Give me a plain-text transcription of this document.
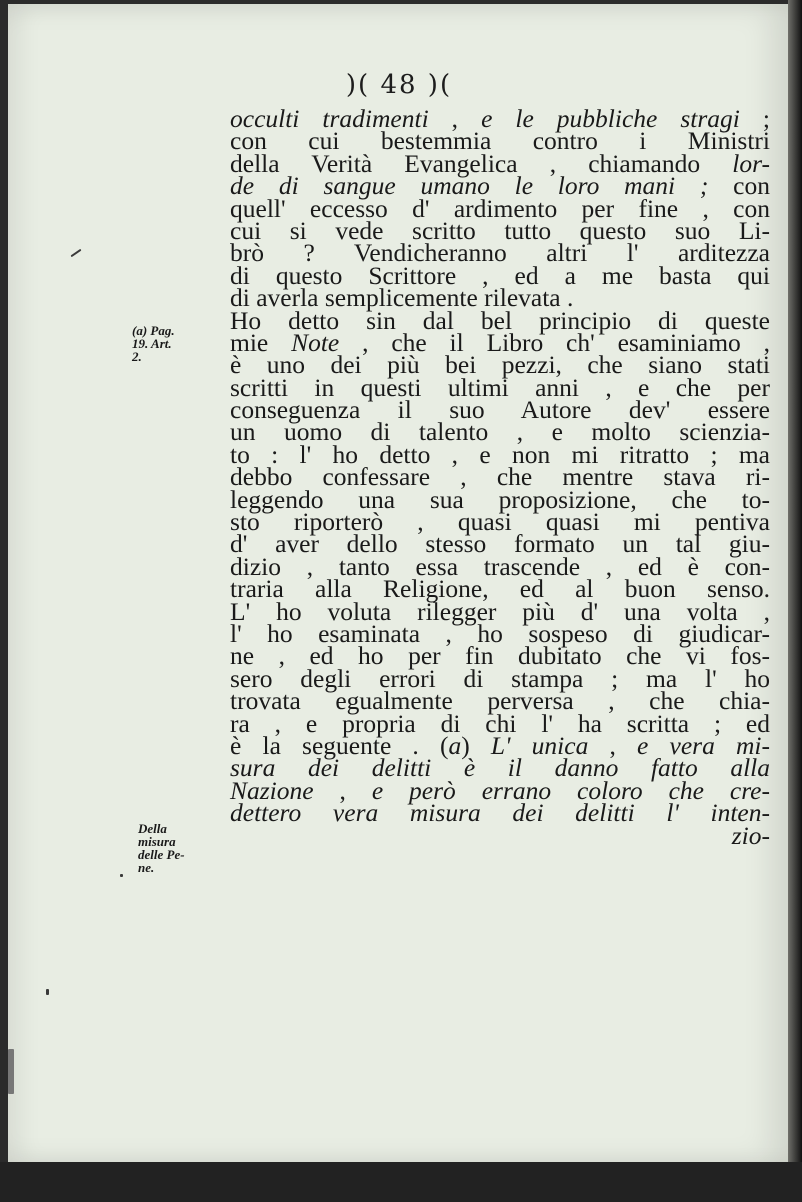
)( 48 )(
occulti tradimenti , e le pubbliche stragi ;
con cui bestemmia contro i Ministri
della Verità Evangelica , chiamando lor-
de di sangue umano le loro mani ; con
quell' eccesso d' ardimento per fine , con
cui si vede scritto tutto questo suo Li-
brò ? Vendicheranno altri l' arditezza
di questo Scrittore , ed a me basta qui
di averla semplicemente rilevata .
Ho detto sin dal bel principio di queste
mie Note , che il Libro ch' esaminiamo ,
è uno dei più bei pezzi, che siano stati
scritti in questi ultimi anni , e che per
conseguenza il suo Autore dev' essere
un uomo di talento , e molto scienzia-
to : l' ho detto , e non mi ritratto ; ma
debbo confessare , che mentre stava ri-
leggendo una sua proposizione, che to-
sto riporterò , quasi quasi mi pentiva
d' aver dello stesso formato un tal giu-
dizio , tanto essa trascende , ed è con-
traria alla Religione, ed al buon senso.
L' ho voluta rilegger più d' una volta ,
l' ho esaminata , ho sospeso di giudicar-
ne , ed ho per fin dubitato che vi fos-
sero degli errori di stampa ; ma l' ho
trovata egualmente perversa , che chia-
ra , e propria di chi l' ha scritta ; ed
è la seguente . (a) L' unica , e vera mi-
sura dei delitti è il danno fatto alla
Nazione , e però errano coloro che cre-
dettero vera misura dei delitti l' inten-
zio-
(a) Pag.
19. Art.
2.
Della
misura
delle Pe-
ne.
